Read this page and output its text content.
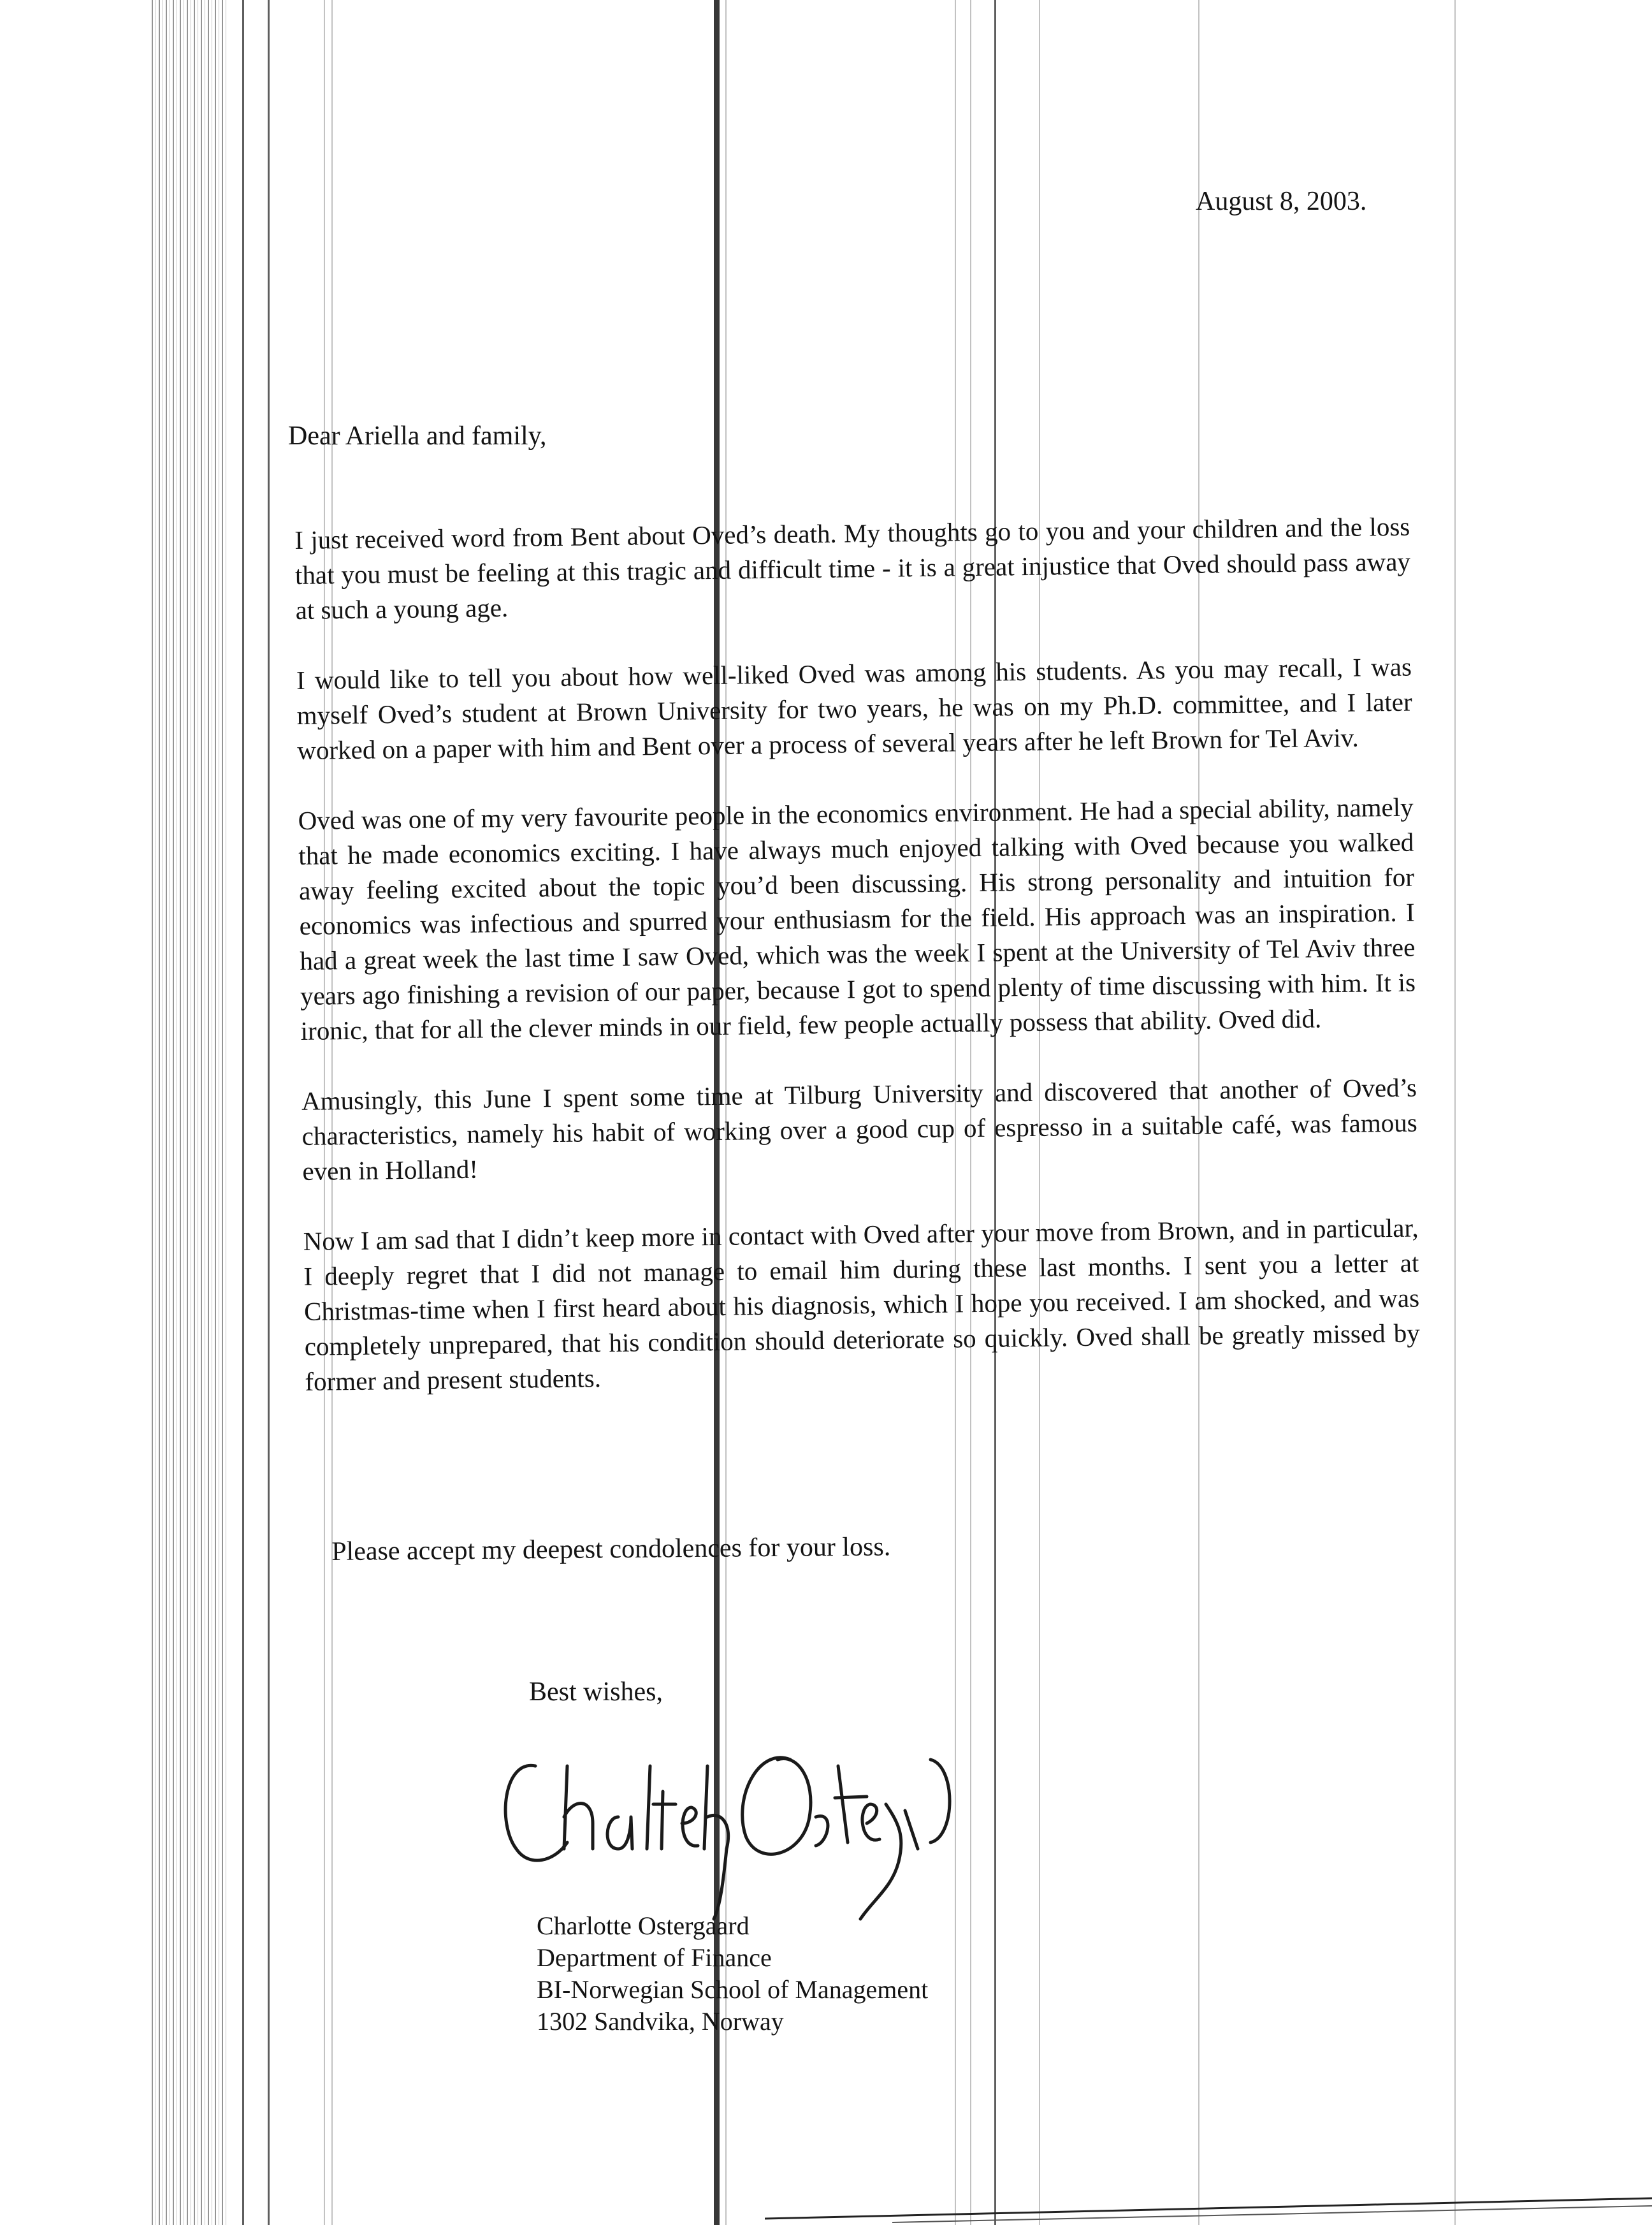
August 8, 2003.
Dear Ariella and family,

I just received word from Bent about Oved’s death. My thoughts go to you and your children and the loss that you must be feeling at this tragic and difficult time - it is a great injustice that Oved should pass away at such a young age.

I would like to tell you about how well-liked Oved was among his students. As you may recall, I was myself Oved’s student at Brown University for two years, he was on my Ph.D. committee, and I later worked on a paper with him and Bent over a process of several years after he left Brown for Tel Aviv.

Oved was one of my very favourite people in the economics environment. He had a special ability, namely that he made economics exciting. I have always much enjoyed talking with Oved because you walked away feeling excited about the topic you’d been discussing. His strong personality and intuition for economics was infectious and spurred your enthusiasm for the field. His approach was an inspiration. I had a great week the last time I saw Oved, which was the week I spent at the University of Tel Aviv three years ago finishing a revision of our paper, because I got to spend plenty of time discussing with him. It is ironic, that for all the clever minds in our field, few people actually possess that ability. Oved did.

Amusingly, this June I spent some time at Tilburg University and discovered that another of Oved’s characteristics, namely his habit of working over a good cup of espresso in a suitable café, was famous even in Holland!

Now I am sad that I didn’t keep more in contact with Oved after your move from Brown, and in particular, I deeply regret that I did not manage to email him during these last months. I sent you a letter at Christmas-time when I first heard about his diagnosis, which I hope you received. I am shocked, and was completely unprepared, that his condition should deteriorate so quickly. Oved shall be greatly missed by former and present students.

Please accept my deepest condolences for your loss.
Best wishes,
Charlotte Ostergaard
Department of Finance
BI-Norwegian School of Management
1302 Sandvika, Norway
